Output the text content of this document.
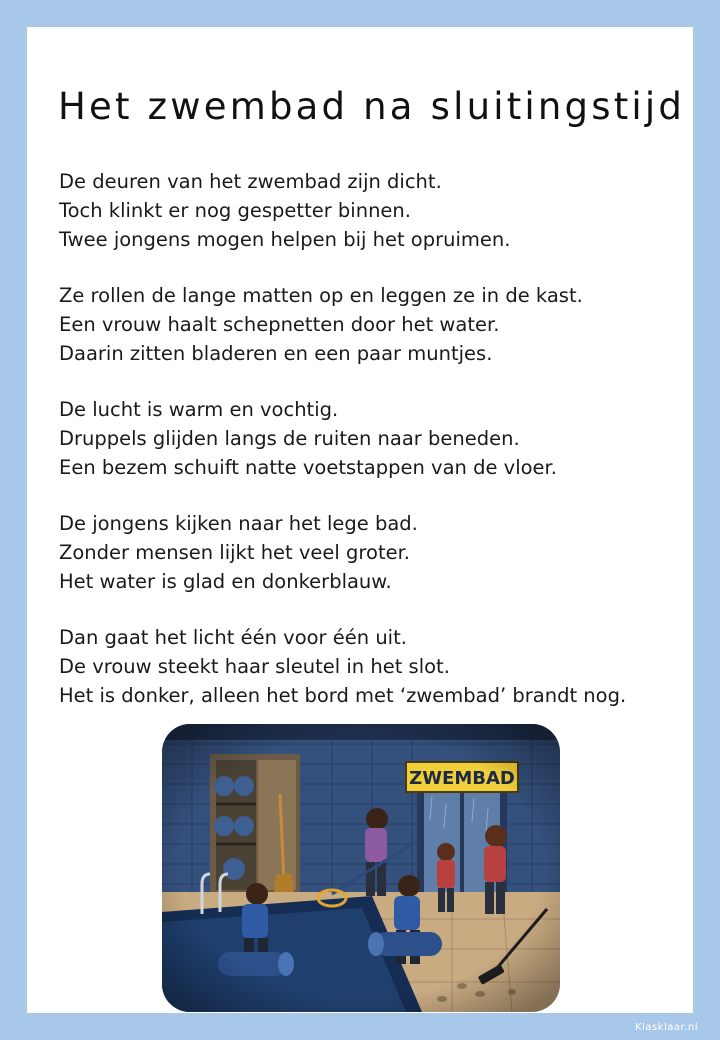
Het zwembad na sluitingstijd

De deuren van het zwembad zijn dicht.
Toch klinkt er nog gespetter binnen.
Twee jongens mogen helpen bij het opruimen.

Ze rollen de lange matten op en leggen ze in de kast.
Een vrouw haalt schepnetten door het water.
Daarin zitten bladeren en een paar muntjes.

De lucht is warm en vochtig.
Druppels glijden langs de ruiten naar beneden.
Een bezem schuift natte voetstappen van de vloer.

De jongens kijken naar het lege bad.
Zonder mensen lijkt het veel groter.
Het water is glad en donkerblauw.

Dan gaat het licht één voor één uit.
De vrouw steekt haar sleutel in het slot.
Het is donker, alleen het bord met ‘zwembad’ brandt nog.

Klasklaar.nl
